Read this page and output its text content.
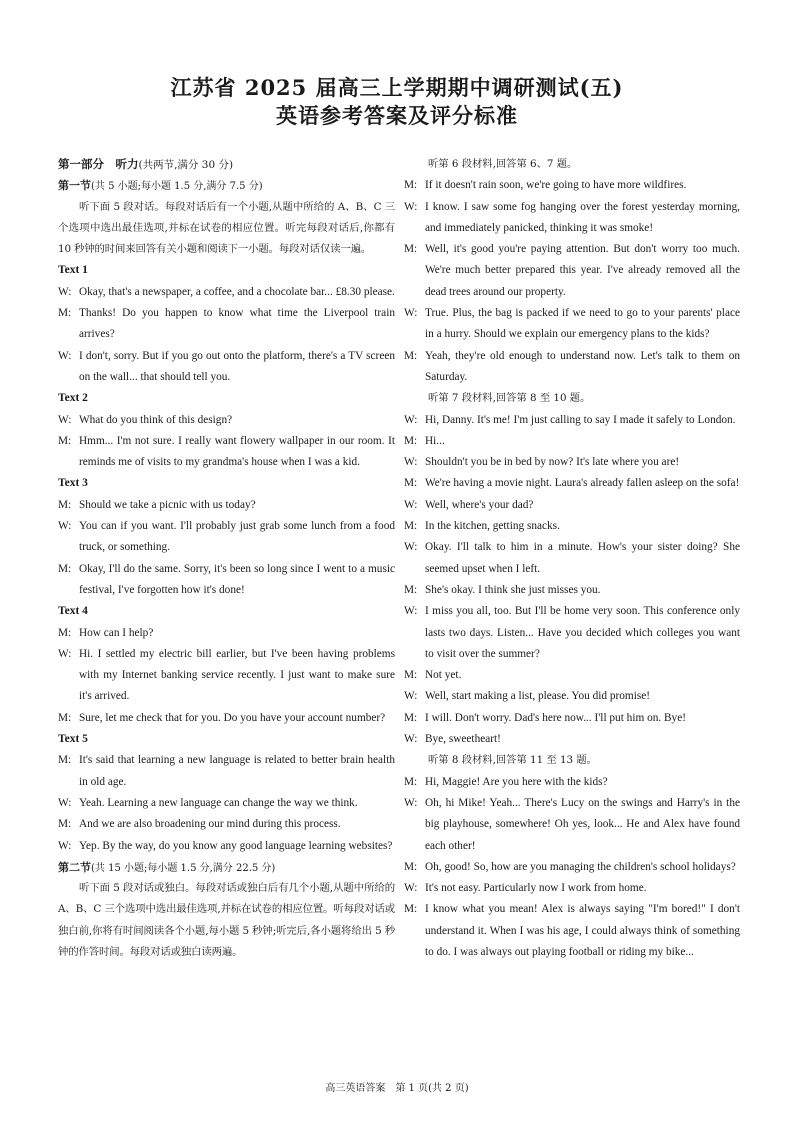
江苏省 2025 届高三上学期期中调研测试(五)
英语参考答案及评分标准
第一部分　听力(共两节,满分 30 分)
第一节(共 5 小题;每小题 1.5 分,满分 7.5 分)
听下面 5 段对话。每段对话后有一个小题,从题中所给的 A、B、C 三个选项中选出最佳选项,并标在试卷的相应位置。听完每段对话后,你都有 10 秒钟的时间来回答有关小题和阅读下一小题。每段对话仅读一遍。
Text 1
W: Okay, that's a newspaper, a coffee, and a chocolate bar... £8.30 please.
M: Thanks! Do you happen to know what time the Liverpool train arrives?
W: I don't, sorry. But if you go out onto the platform, there's a TV screen on the wall... that should tell you.
Text 2
W: What do you think of this design?
M: Hmm... I'm not sure. I really want flowery wallpaper in our room. It reminds me of visits to my grandma's house when I was a kid.
Text 3
M: Should we take a picnic with us today?
W: You can if you want. I'll probably just grab some lunch from a food truck, or something.
M: Okay, I'll do the same. Sorry, it's been so long since I went to a music festival, I've forgotten how it's done!
Text 4
M: How can I help?
W: Hi. I settled my electric bill earlier, but I've been having problems with my Internet banking service recently. I just want to make sure it's arrived.
M: Sure, let me check that for you. Do you have your account number?
Text 5
M: It's said that learning a new language is related to better brain health in old age.
W: Yeah. Learning a new language can change the way we think.
M: And we are also broadening our mind during this process.
W: Yep. By the way, do you know any good language learning websites?
第二节(共 15 小题;每小题 1.5 分,满分 22.5 分)
听下面 5 段对话或独白。每段对话或独白后有几个小题,从题中所给的 A、B、C 三个选项中选出最佳选项,并标在试卷的相应位置。听每段对话或独白前,你将有时间阅读各个小题,每小题 5 秒钟;听完后,各小题将给出 5 秒钟的作答时间。每段对话或独白读两遍。
听第 6 段材料,回答第 6、7 题。
M: If it doesn't rain soon, we're going to have more wildfires.
W: I know. I saw some fog hanging over the forest yesterday morning, and immediately panicked, thinking it was smoke!
M: Well, it's good you're paying attention. But don't worry too much. We're much better prepared this year. I've already removed all the dead trees around our property.
W: True. Plus, the bag is packed if we need to go to your parents' place in a hurry. Should we explain our emergency plans to the kids?
M: Yeah, they're old enough to understand now. Let's talk to them on Saturday.
听第 7 段材料,回答第 8 至 10 题。
W: Hi, Danny. It's me! I'm just calling to say I made it safely to London.
M: Hi...
W: Shouldn't you be in bed by now? It's late where you are!
M: We're having a movie night. Laura's already fallen asleep on the sofa!
W: Well, where's your dad?
M: In the kitchen, getting snacks.
W: Okay. I'll talk to him in a minute. How's your sister doing? She seemed upset when I left.
M: She's okay. I think she just misses you.
W: I miss you all, too. But I'll be home very soon. This conference only lasts two days. Listen... Have you decided which colleges you want to visit over the summer?
M: Not yet.
W: Well, start making a list, please. You did promise!
M: I will. Don't worry. Dad's here now... I'll put him on. Bye!
W: Bye, sweetheart!
听第 8 段材料,回答第 11 至 13 题。
M: Hi, Maggie! Are you here with the kids?
W: Oh, hi Mike! Yeah... There's Lucy on the swings and Harry's in the big playhouse, somewhere! Oh yes, look... He and Alex have found each other!
M: Oh, good! So, how are you managing the children's school holidays?
W: It's not easy. Particularly now I work from home.
M: I know what you mean! Alex is always saying "I'm bored!" I don't understand it. When I was his age, I could always think of something to do. I was always out playing football or riding my bike...
高三英语答案　第 1 页(共 2 页)
